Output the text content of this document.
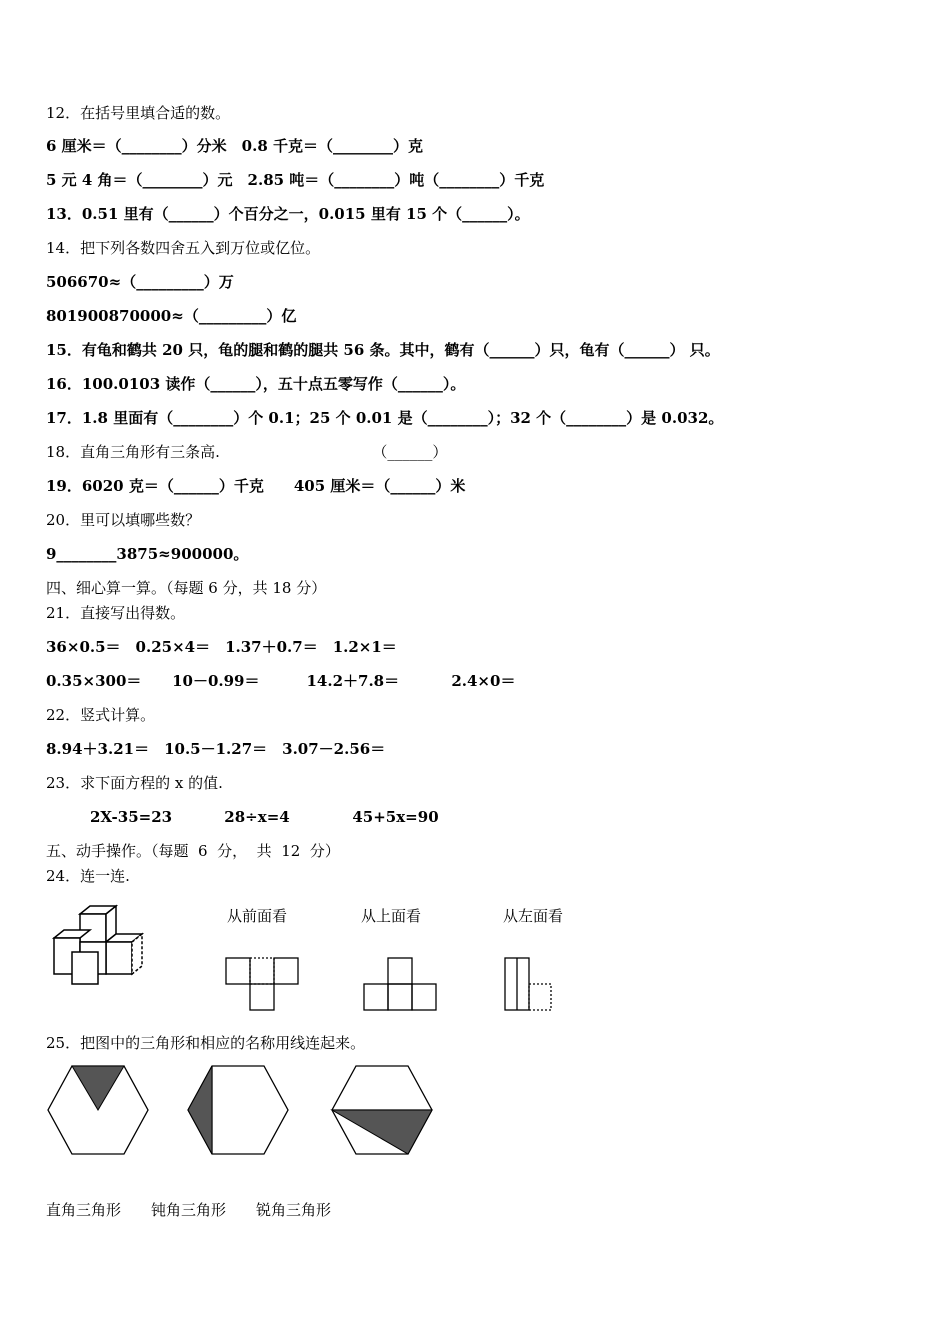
12．在括号里填合适的数。
6 厘米＝（________）分米　0.8 千克＝（________）克
5 元 4 角＝（________）元　2.85 吨＝（________）吨（________）千克
13．0.51 里有（______）个百分之一，0.015 里有 15 个（______）。
14．把下列各数四舍五入到万位或亿位。
506670≈（_________）万
801900870000≈（_________）亿
15．有龟和鹤共 20 只，龟的腿和鹤的腿共 56 条。其中，鹤有（______）只，龟有（______） 只。
16．100.0103 读作（______），五十点五零写作（______）。
17．1.8 里面有（________）个 0.1；25 个 0.01 是（________）；32 个（________）是 0.032。
18．直角三角形有三条高.                                （______）
19．6020 克＝（______）千克　　405 厘米＝（______）米
20．里可以填哪些数？
9________3875≈900000。
四、细心算一算。（每题 6 分，共 18 分）
21．直接写出得数。
36×0.5＝　0.25×4＝　1.37＋0.7＝　1.2×1＝
0.35×300＝　   10－0.99＝         14.2＋7.8＝          2.4×0＝
22．竖式计算。
8.94＋3.21＝　10.5－1.27＝　3.07－2.56＝
23．求下面方程的 x 的值.
2X-35=23          28÷x=4            45+5x=90
五、动手操作。（每题  6  分，  共  12  分）
24．连一连.
从前面看	从上面看	从左面看
25．把图中的三角形和相应的名称用线连起来。
直角三角形　　钝角三角形　　锐角三角形
